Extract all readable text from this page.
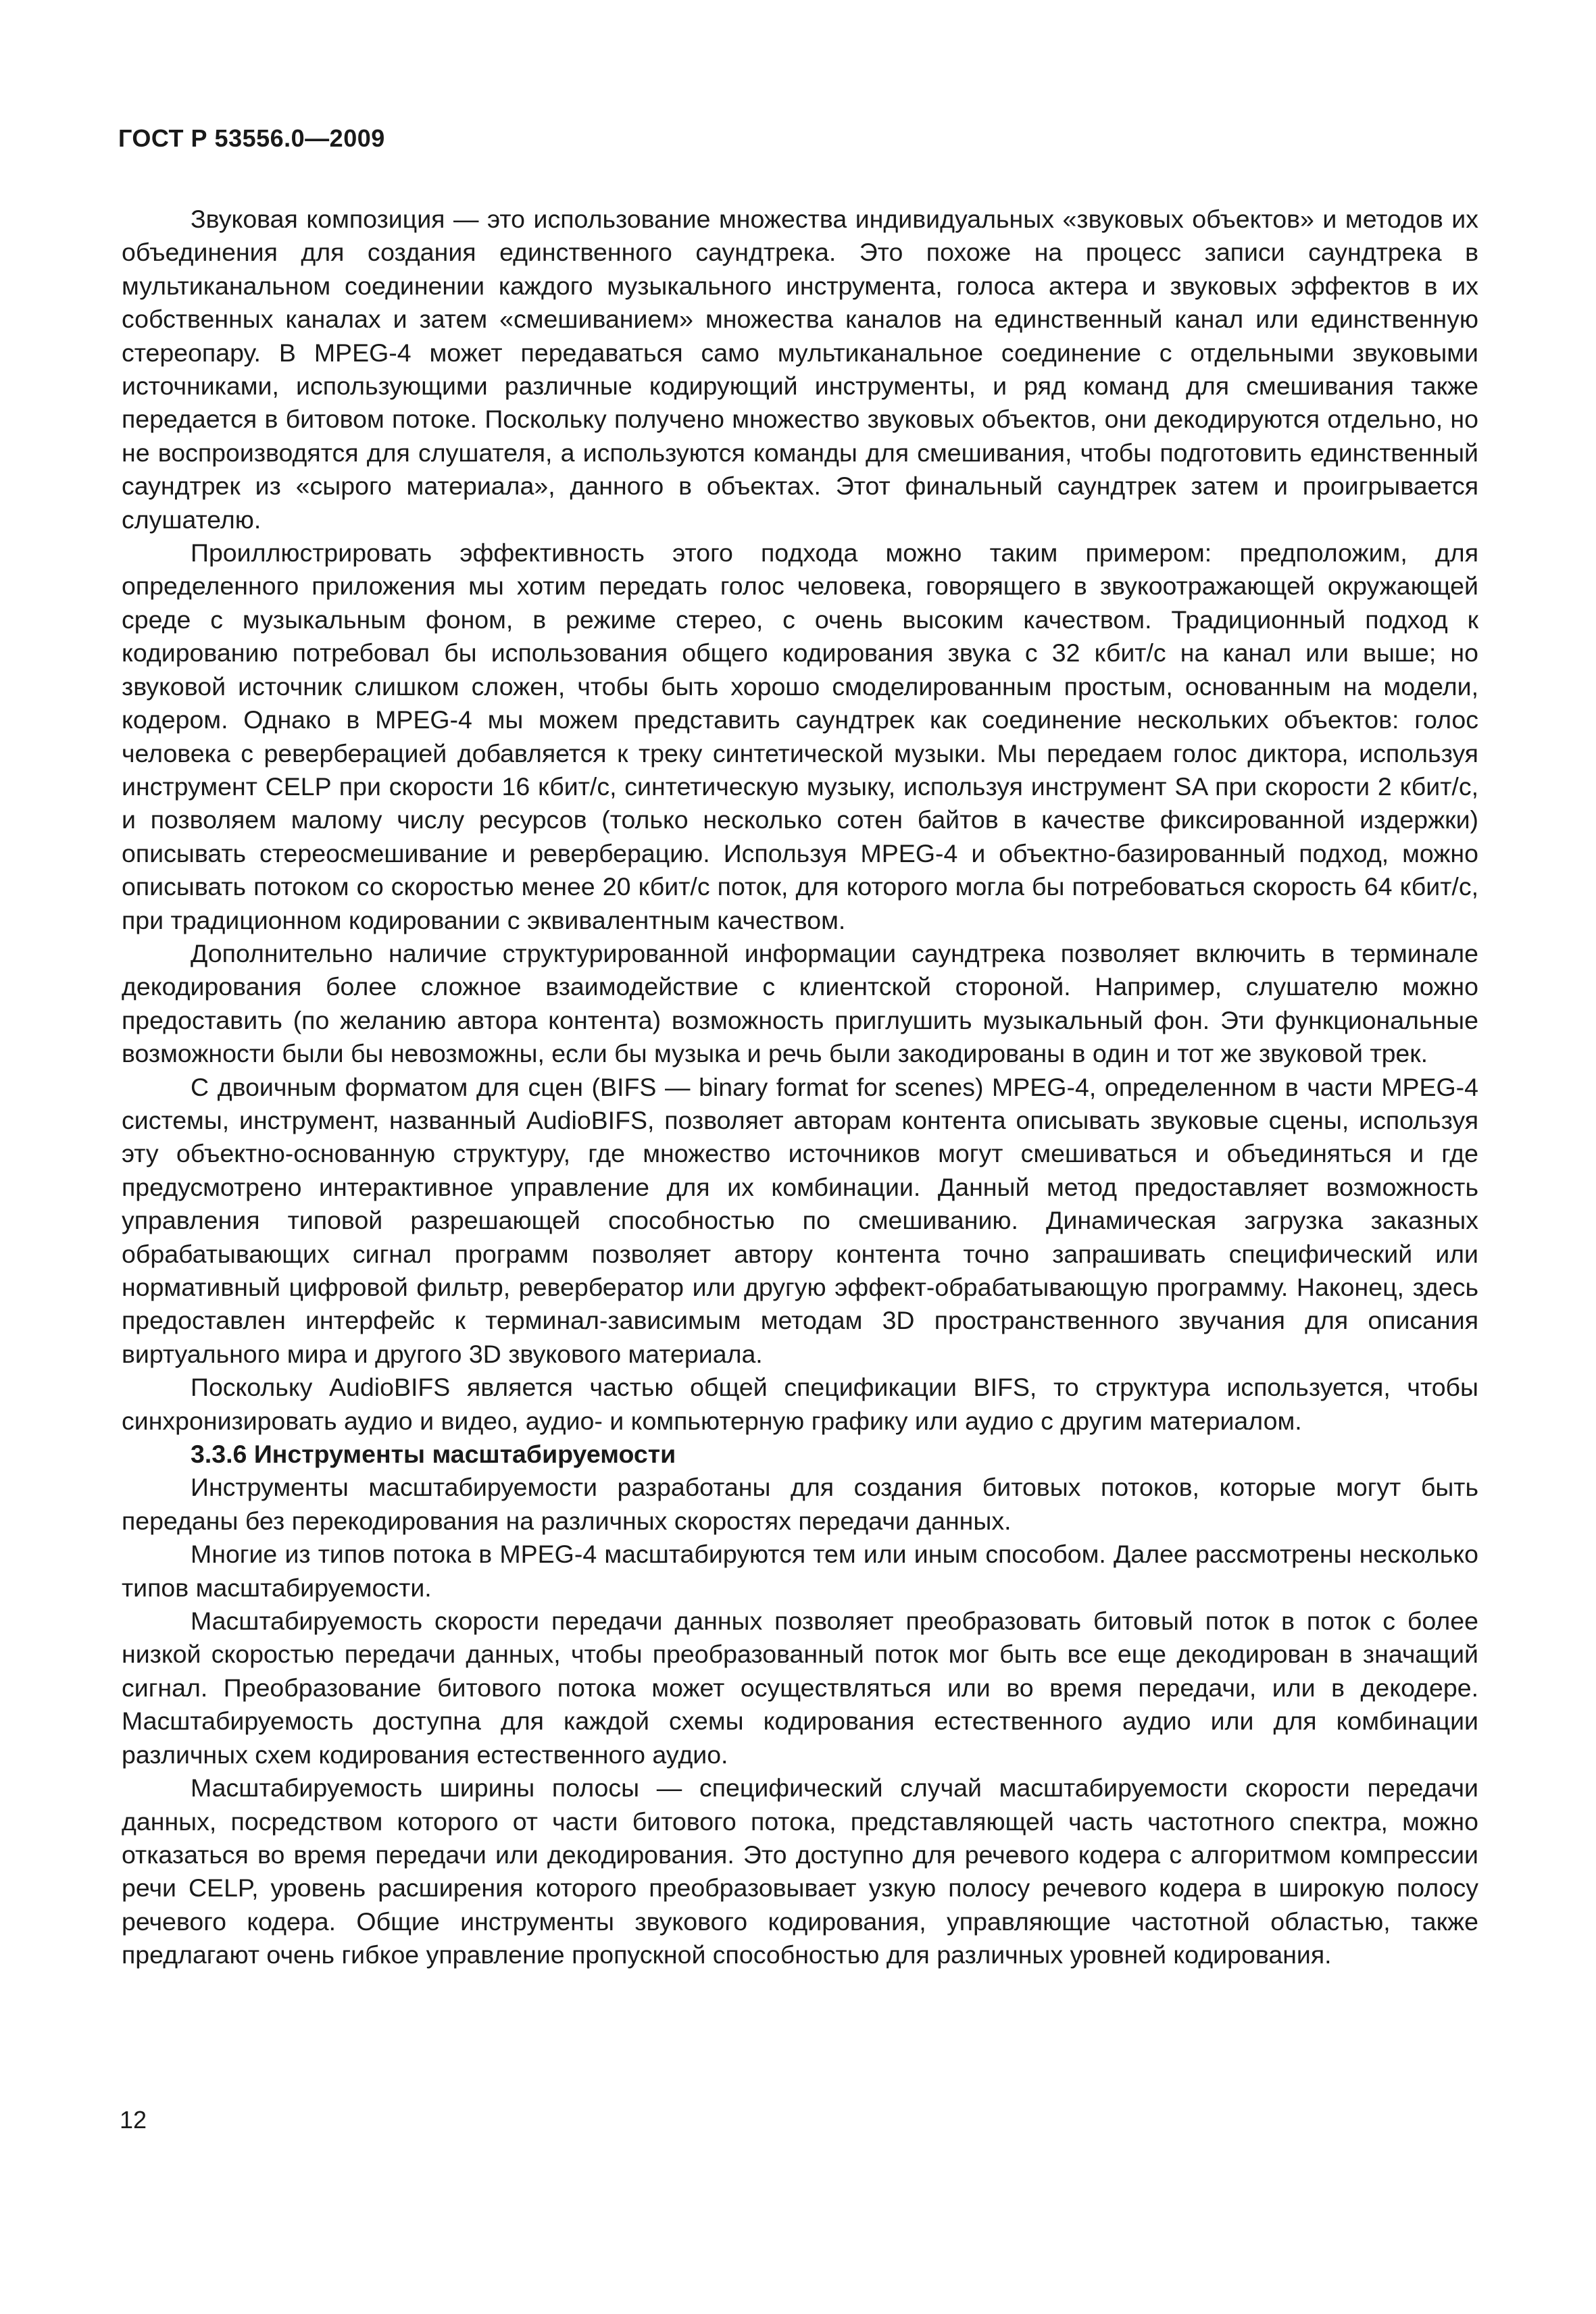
ГОСТ Р 53556.0—2009

Звуковая композиция — это использование множества индивидуальных «звуковых объектов» и методов их объединения для создания единственного саундтрека. Это похоже на процесс записи саундтрека в мультиканальном соединении каждого музыкального инструмента, голоса актера и звуковых эффектов в их собственных каналах и затем «смешиванием» множества каналов на единственный канал или единственную стереопару. В MPEG-4 может передаваться само мультиканальное соединение с отдельными звуковыми источниками, использующими различные кодирующий инструменты, и ряд команд для смешивания также передается в битовом потоке. Поскольку получено множество звуковых объектов, они декодируются отдельно, но не воспроизводятся для слушателя, а используются команды для смешивания, чтобы подготовить единственный саундтрек из «сырого материала», данного в объектах. Этот финальный саундтрек затем и проигрывается слушателю.

Проиллюстрировать эффективность этого подхода можно таким примером: предположим, для определенного приложения мы хотим передать голос человека, говорящего в звукоотражающей окружающей среде с музыкальным фоном, в режиме стерео, с очень высоким качеством. Традиционный подход к кодированию потребовал бы использования общего кодирования звука с 32 кбит/с на канал или выше; но звуковой источник слишком сложен, чтобы быть хорошо смоделированным простым, основанным на модели, кодером. Однако в MPEG-4 мы можем представить саундтрек как соединение нескольких объектов: голос человека с реверберацией добавляется к треку синтетической музыки. Мы передаем голос диктора, используя инструмент CELP при скорости 16 кбит/с, синтетическую музыку, используя инструмент SA при скорости 2 кбит/с, и позволяем малому числу ресурсов (только несколько сотен байтов в качестве фиксированной издержки) описывать стереосмешивание и реверберацию. Используя MPEG-4 и объектно-базированный подход, можно описывать потоком со скоростью менее 20 кбит/с поток, для которого могла бы потребоваться скорость 64 кбит/с, при традиционном кодировании с эквивалентным качеством.

Дополнительно наличие структурированной информации саундтрека позволяет включить в терминале декодирования более сложное взаимодействие с клиентской стороной. Например, слушателю можно предоставить (по желанию автора контента) возможность приглушить музыкальный фон. Эти функциональные возможности были бы невозможны, если бы музыка и речь были закодированы в один и тот же звуковой трек.

С двоичным форматом для сцен (BIFS — binary format for scenes) MPEG-4, определенном в части MPEG-4 системы, инструмент, названный AudioBIFS, позволяет авторам контента описывать звуковые сцены, используя эту объектно-основанную структуру, где множество источников могут смешиваться и объединяться и где предусмотрено интерактивное управление для их комбинации. Данный метод предоставляет возможность управления типовой разрешающей способностью по смешиванию. Динамическая загрузка заказных обрабатывающих сигнал программ позволяет автору контента точно запрашивать специфический или нормативный цифровой фильтр, ревербератор или другую эффект-обрабатывающую программу. Наконец, здесь предоставлен интерфейс к терминал-зависимым методам 3D пространственного звучания для описания виртуального мира и другого 3D звукового материала.

Поскольку AudioBIFS является частью общей спецификации BIFS, то структура используется, чтобы синхронизировать аудио и видео, аудио- и компьютерную графику или аудио с другим материалом.

3.3.6 Инструменты масштабируемости

Инструменты масштабируемости разработаны для создания битовых потоков, которые могут быть переданы без перекодирования на различных скоростях передачи данных.

Многие из типов потока в MPEG-4 масштабируются тем или иным способом. Далее рассмотрены несколько типов масштабируемости.

Масштабируемость скорости передачи данных позволяет преобразовать битовый поток в поток с более низкой скоростью передачи данных, чтобы преобразованный поток мог быть все еще декодирован в значащий сигнал. Преобразование битового потока может осуществляться или во время передачи, или в декодере. Масштабируемость доступна для каждой схемы кодирования естественного аудио или для комбинации различных схем кодирования естественного аудио.

Масштабируемость ширины полосы — специфический случай масштабируемости скорости передачи данных, посредством которого от части битового потока, представляющей часть частотного спектра, можно отказаться во время передачи или декодирования. Это доступно для речевого кодера с алгоритмом компрессии речи CELP, уровень расширения которого преобразовывает узкую полосу речевого кодера в широкую полосу речевого кодера. Общие инструменты звукового кодирования, управляющие частотной областью, также предлагают очень гибкое управление пропускной способностью для различных уровней кодирования.

12
